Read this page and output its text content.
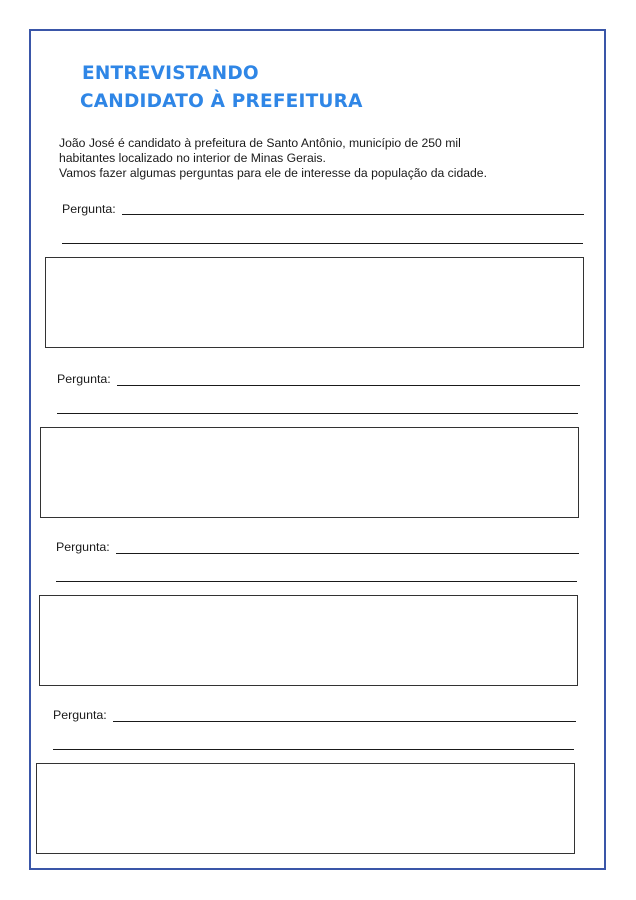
ENTREVISTANDO
CANDIDATO À PREFEITURA
João José é candidato à prefeitura de Santo Antônio, município de 250 mil
habitantes localizado no interior de Minas Gerais.
Vamos fazer algumas perguntas para ele de interesse da população da cidade.
Pergunta:
Pergunta:
Pergunta:
Pergunta:
